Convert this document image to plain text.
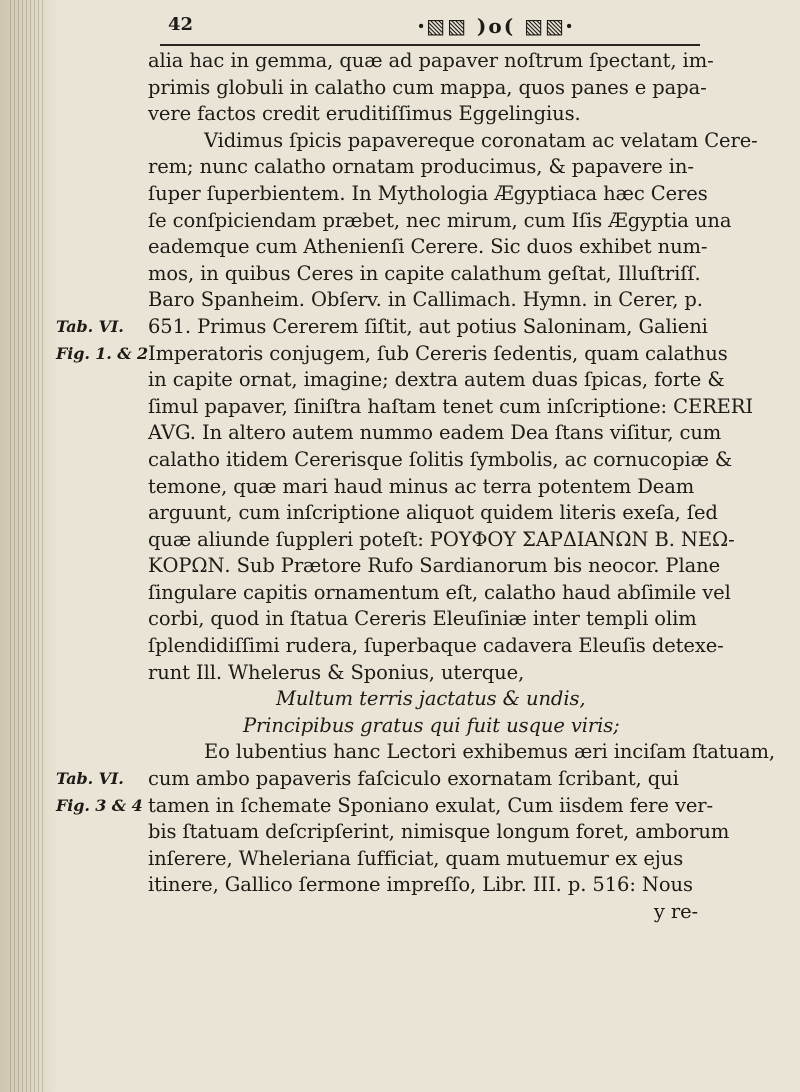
42	ꞏ▧▧ )o( ▧▧ꞏ
alia hac in gemma, quæ ad papaver noſtrum ſpectant, im-
primis globuli in calatho cum mappa, quos panes e papa-
vere factos credit eruditiſſimus Eggelingius.
Vidimus ſpicis papavereque coronatam ac velatam Cere-
rem; nunc calatho ornatam producimus, & papavere in-
ſuper ſuperbientem. In Mythologia Ægyptiaca hæc Ceres
ſe conſpiciendam præbet, nec mirum, cum Iſis Ægyptia una
eademque cum Athenienſi Cerere. Sic duos exhibet num-
mos, in quibus Ceres in capite calathum geſtat, Illuſtriſſ.
Baro Spanheim. Obſerv. in Callimach. Hymn. in Cerer, p.
Tab. VI. 651. Primus Cererem ſiſtit, aut potius Saloninam, Galieni
Fig. 1. & 2 Imperatoris conjugem, ſub Cereris ſedentis, quam calathus
in capite ornat, imagine; dextra autem duas ſpicas, forte &
ſimul papaver, ſiniſtra haſtam tenet cum inſcriptione: CERERI
AVG. In altero autem nummo eadem Dea ſtans viſitur, cum
calatho itidem Cererisque ſolitis ſymbolis, ac cornucopiæ &
temone, quæ mari haud minus ac terra potentem Deam
arguunt, cum inſcriptione aliquot quidem literis exeſa, ſed
quæ aliunde ſuppleri poteſt: ΡΟΥΦΟΥ ΣΑΡΔΙΑΝΩΝ Β. ΝΕΩ-
ΚΟΡΩΝ. Sub Prætore Rufo Sardianorum bis neocor. Plane
ſingulare capitis ornamentum eſt, calatho haud abſimile vel
corbi, quod in ſtatua Cereris Eleuſiniæ inter templi olim
ſplendidiſſimi rudera, ſuperbaque cadavera Eleuſis detexe-
runt Ill. Whelerus & Sponius, uterque,
Multum terris jactatus & undis,
Principibus gratus qui fuit usque viris;
Eo lubentius hanc Lectori exhibemus æri inciſam ſtatuam,
Tab. VI. cum ambo papaveris faſciculo exornatam ſcribant, qui
Fig. 3 & 4 tamen in ſchemate Sponiano exulat, Cum iisdem fere ver-
bis ſtatuam deſcripſerint, nimisque longum foret, amborum
inſerere, Wheleriana ſufficiat, quam mutuemur ex ejus
itinere, Gallico ſermone impreſſo, Libr. III. p. 516: Nous
y re-
